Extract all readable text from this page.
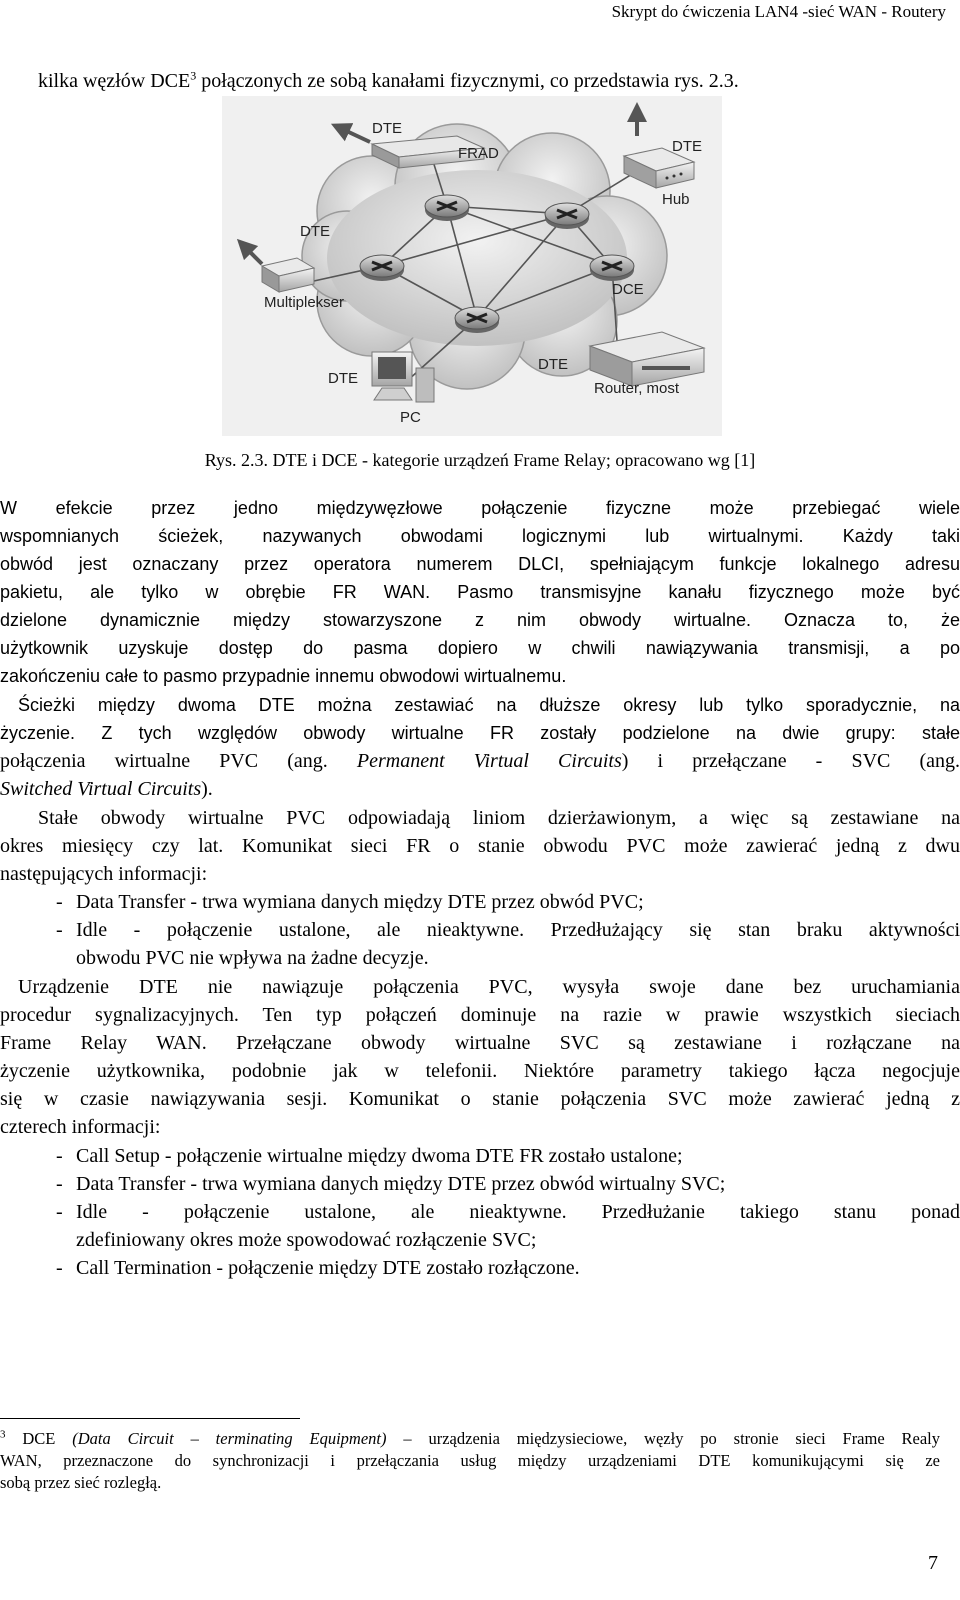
Skrypt do ćwiczenia LAN4 -sieć WAN - Routery
kilka węzłów DCE$^3$ połączonych ze sobą kanałami fizycznymi, co przedstawia rys. 2.3.
DTE
FRAD	DTE
Hub
DTE
Multiplekser
DCE
DTE
Router, most
DTE
PC
Rys. 2.3. DTE i DCE - kategorie urządzeń Frame Relay; opracowano wg [1]
W efekcie przez jedno międzywęzłowe połączenie fizyczne może przebiegać wiele
wspomnianych ścieżek, nazywanych obwodami logicznymi lub wirtualnymi. Każdy taki
obwód jest oznaczany przez operatora numerem DLCI, spełniającym funkcje lokalnego adresu
pakietu, ale tylko w obrębie FR WAN. Pasmo transmisyjne kanału fizycznego może być
dzielone dynamicznie między stowarzyszone z nim obwody wirtualne. Oznacza to, że
użytkownik uzyskuje dostęp do pasma dopiero w chwili nawiązywania transmisji, a po
zakończeniu całe to pasmo przypadnie innemu obwodowi wirtualnemu.
Ścieżki między dwoma DTE można zestawiać na dłuższe okresy lub tylko sporadycznie, na
życzenie. Z tych względów obwody wirtualne FR zostały podzielone na dwie grupy: stałe
połączenia wirtualne PVC (ang. Permanent Virtual Circuits) i przełączane - SVC (ang.
Switched Virtual Circuits).
Stałe obwody wirtualne PVC odpowiadają liniom dzierżawionym, a więc są zestawiane na
okres miesięcy czy lat. Komunikat sieci FR o stanie obwodu PVC może zawierać jedną z dwu
następujących informacji:
- Data Transfer - trwa wymiana danych między DTE przez obwód PVC;
- Idle - połączenie ustalone, ale nieaktywne. Przedłużający się stan braku aktywności
obwodu PVC nie wpływa na żadne decyzje.
Urządzenie DTE nie nawiązuje połączenia PVC, wysyła swoje dane bez uruchamiania
procedur sygnalizacyjnych. Ten typ połączeń dominuje na razie w prawie wszystkich sieciach
Frame Relay WAN. Przełączane obwody wirtualne SVC są zestawiane i rozłączane na
życzenie użytkownika, podobnie jak w telefonii. Niektóre parametry takiego łącza negocjuje
się w czasie nawiązywania sesji. Komunikat o stanie połączenia SVC może zawierać jedną z
czterech informacji:
- Call Setup - połączenie wirtualne między dwoma DTE FR zostało ustalone;
- Data Transfer - trwa wymiana danych między DTE przez obwód wirtualny SVC;
- Idle - połączenie ustalone, ale nieaktywne. Przedłużanie takiego stanu ponad
zdefiniowany okres może spowodować rozłączenie SVC;
- Call Termination - połączenie między DTE zostało rozłączone.
$^3$ DCE (Data Circuit – terminating Equipment) – urządzenia międzysieciowe, węzły po stronie sieci Frame Realy
WAN, przeznaczone do synchronizacji i przełączania usług między urządzeniami DTE komunikującymi się ze
sobą przez sieć rozległą.
7
